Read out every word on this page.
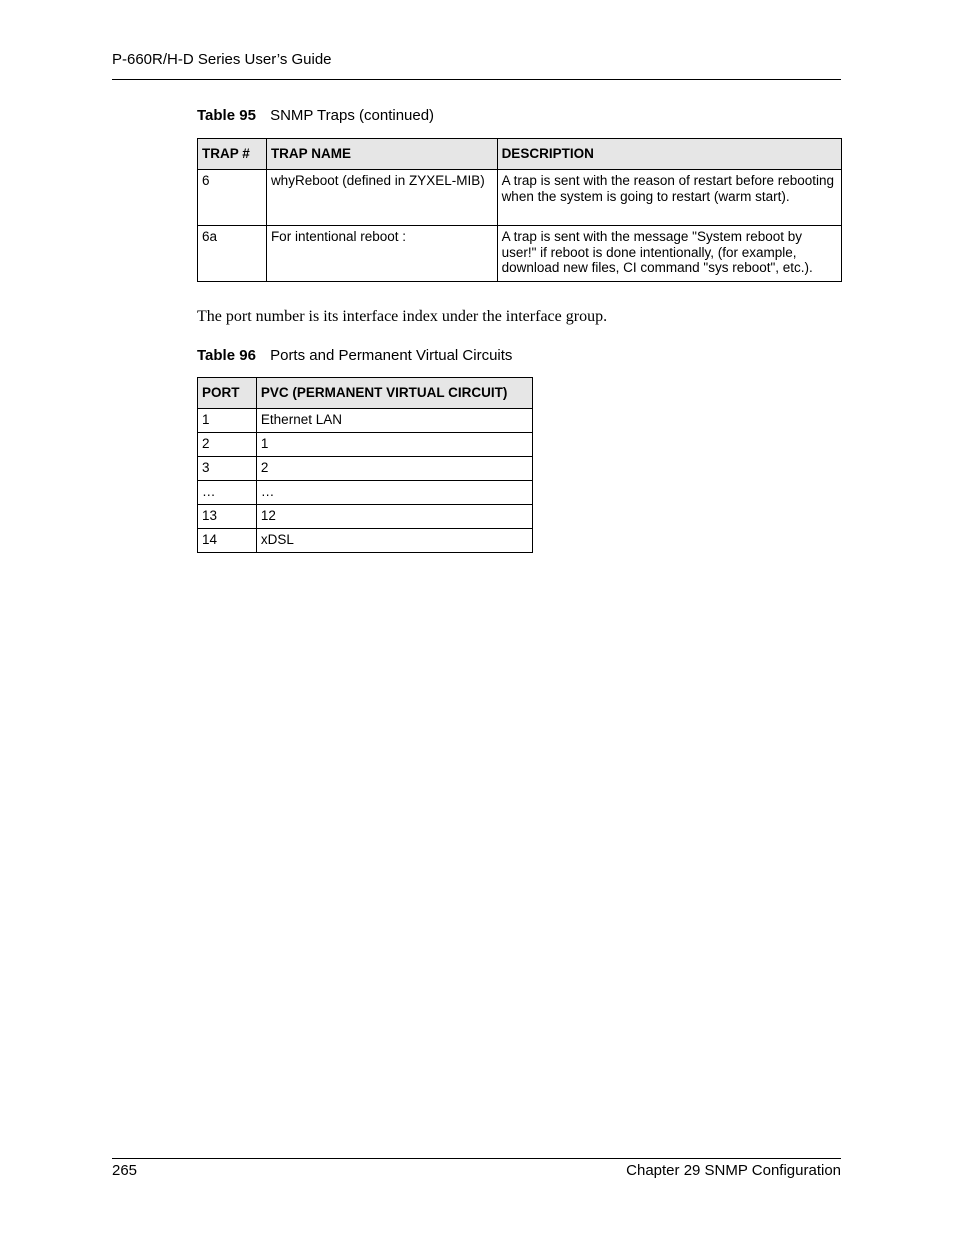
P-660R/H-D Series User’s Guide
Table 95 SNMP Traps (continued)
TRAP #	TRAP NAME	DESCRIPTION
6	whyReboot (defined in ZYXEL-MIB)	A trap is sent with the reason of restart before rebooting when the system is going to restart (warm start).
6a	For intentional reboot :	A trap is sent with the message "System reboot by user!" if reboot is done intentionally, (for example, download new files, CI command "sys reboot", etc.).
The port number is its interface index under the interface group.
Table 96 Ports and Permanent Virtual Circuits
PORT	PVC (PERMANENT VIRTUAL CIRCUIT)
1	Ethernet LAN
2	1
3	2
…	…
13	12
14	xDSL
265	Chapter 29 SNMP Configuration
